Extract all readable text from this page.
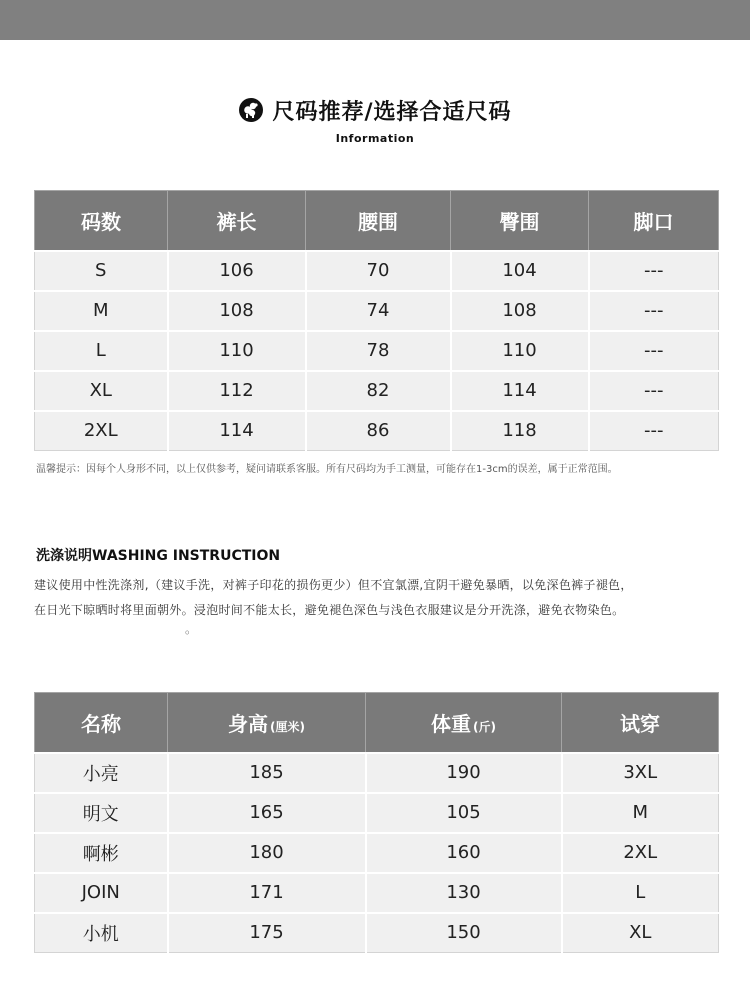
尺码推荐/选择合适尺码
Information
码数	裤长	腰围	臀围	脚口
S	106	70	104	---
M	108	74	108	---
L	110	78	110	---
XL	112	82	114	---
2XL	114	86	118	---
温馨提示：因每个人身形不同，以上仅供参考，疑问请联系客服。所有尺码均为手工测量，可能存在1-3cm的误差，属于正常范围。
洗涤说明WASHING INSTRUCTION
建议使用中性洗涤剂,（建议手洗，对裤子印花的损伤更少）但不宜氯漂,宜阴干避免暴晒，以免深色裤子褪色，
在日光下晾晒时将里面朝外。浸泡时间不能太长，避免褪色深色与浅色衣服建议是分开洗涤，避免衣物染色。
。
名称	身高 (厘米)	体重 (斤)	试穿
小亮	185	190	3XL
明文	165	105	M
啊彬	180	160	2XL
JOIN	171	130	L
小机	175	150	XL
